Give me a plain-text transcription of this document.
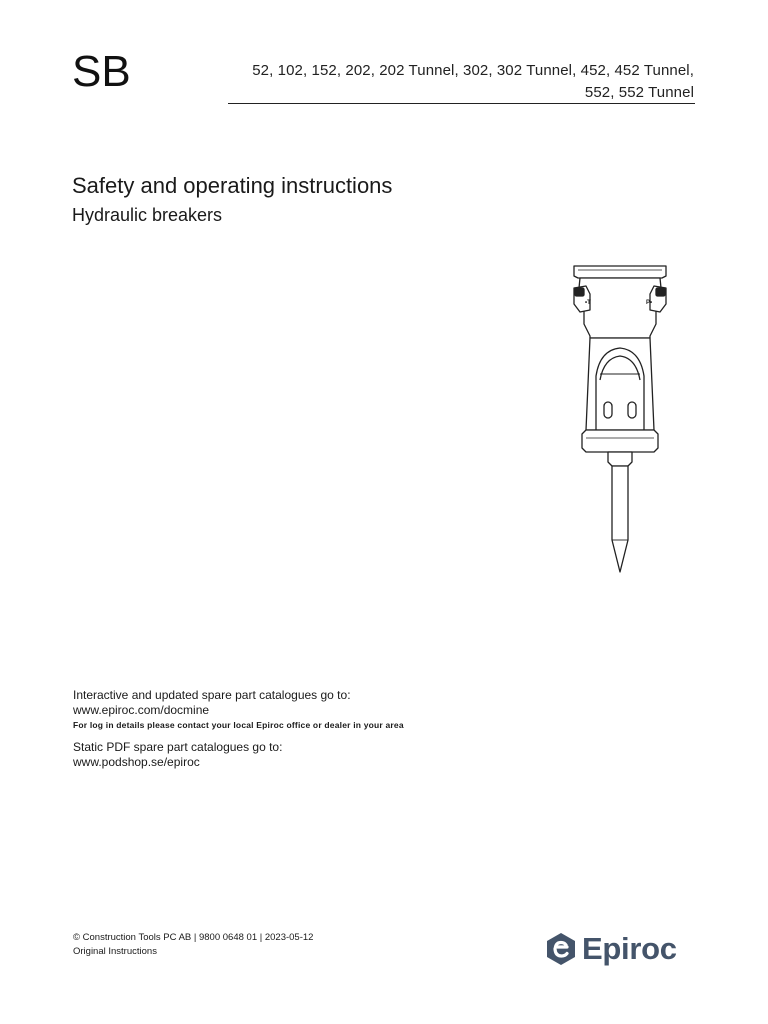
SB	52, 102, 152, 202, 202 Tunnel, 302, 302 Tunnel, 452, 452 Tunnel,
552, 552 Tunnel
Safety and operating instructions
Hydraulic breakers
•T	P•
Interactive and updated spare part catalogues go to:
www.epiroc.com/docmine
For log in details please contact your local Epiroc office or dealer in your area
Static PDF spare part catalogues go to:
www.podshop.se/epiroc
© Construction Tools PC AB | 9800 0648 01 | 2023-05-12
Original Instructions	Epiroc
